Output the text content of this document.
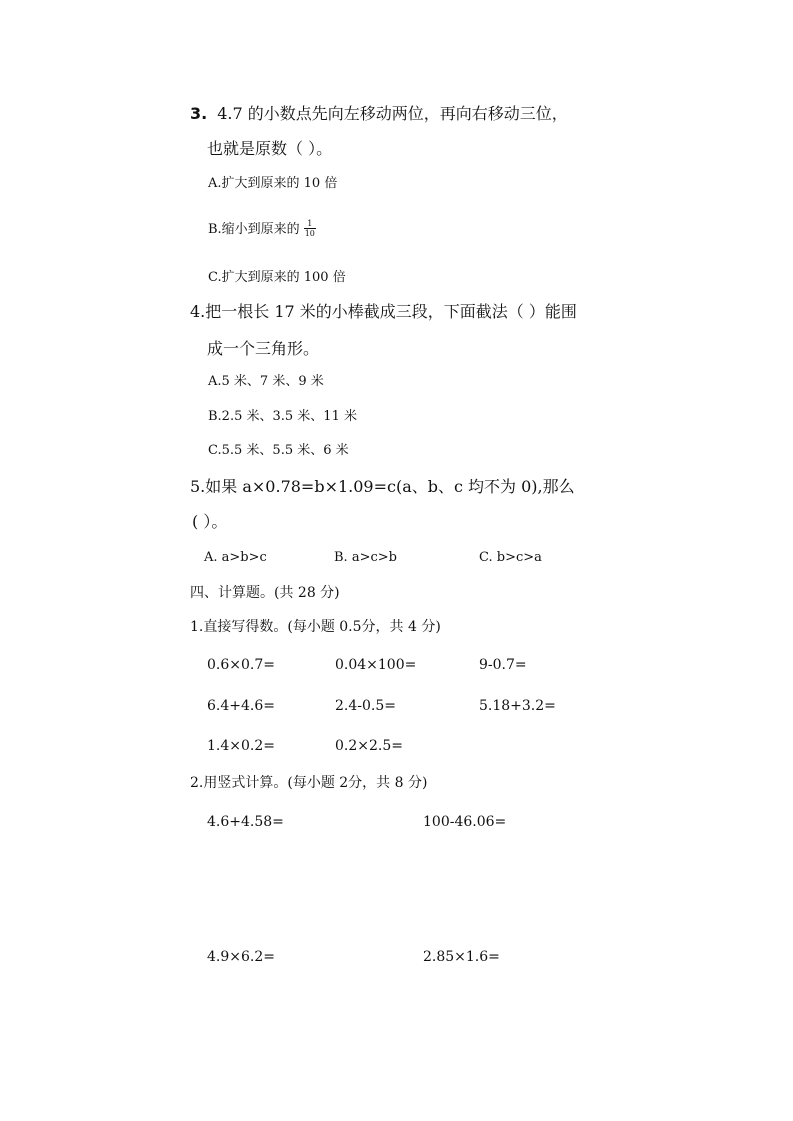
3. 4.7 的小数点先向左移动两位，再向右移动三位，
也就是原数（ ）。
A.扩大到原来的 10 倍
B.缩小到原来的 $\frac{1}{10}$
C.扩大到原来的 100 倍
4.把一根长 17 米的小棒截成三段，下面截法（ ）能围
成一个三角形。
A.5 米、7 米、9 米
B.2.5 米、3.5 米、11 米
C.5.5 米、5.5 米、6 米
5.如果 a×0.78=b×1.09=c(a、b、c 均不为 0),那么
( ）。
A. a>b>c	B. a>c>b	C. b>c>a
四、计算题。(共 28 分)
1.直接写得数。(每小题 0.5分，共 4 分)
0.6×0.7=	0.04×100=	9-0.7=
6.4+4.6=	2.4-0.5=	5.18+3.2=
1.4×0.2=	0.2×2.5=
2.用竖式计算。(每小题 2分，共 8 分)
4.6+4.58=	100-46.06=
4.9×6.2=	2.85×1.6=
